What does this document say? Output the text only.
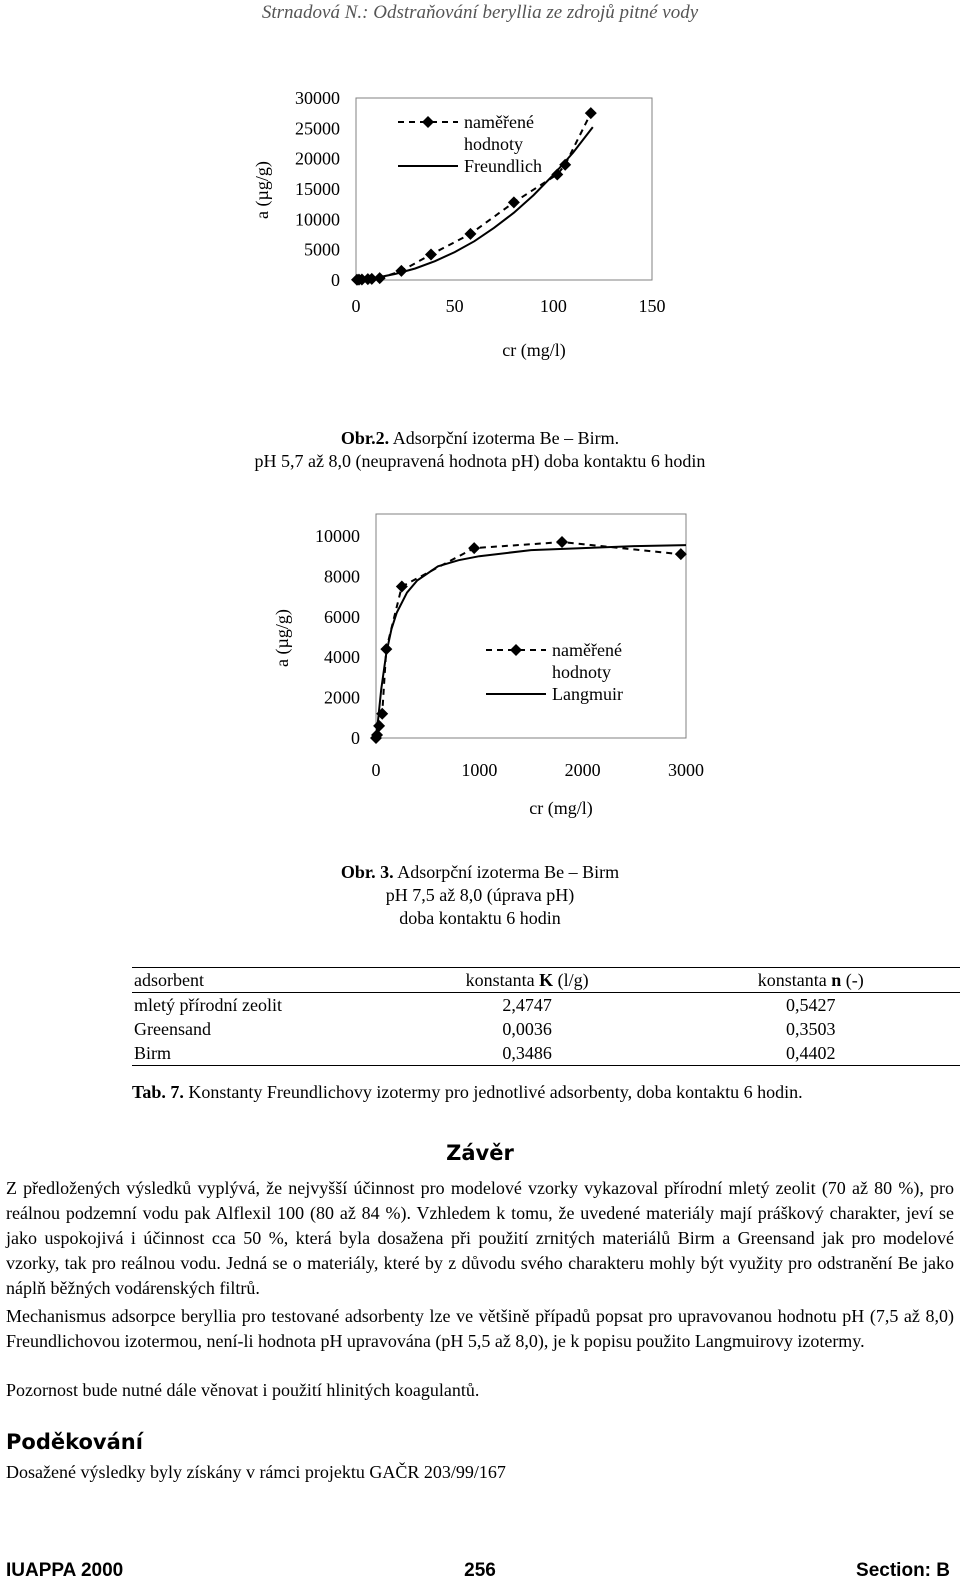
Strnadová N.: Odstraňování beryllia ze zdrojů pitné vody
0
5000
10000
15000
20000
25000
30000
0	50	100	150
a (µg/g)
cr (mg/l)
naměřené
hodnoty
Freundlich
Obr.2. Adsorpční izoterma Be – Birm.
pH 5,7 až 8,0 (neupravená hodnota pH) doba kontaktu 6 hodin
0
2000
4000
6000
8000
10000
0	1000	2000	3000
a (µg/g)
cr (mg/l)
naměřené
hodnoty
Langmuir
Obr. 3. Adsorpční izoterma Be – Birm
pH 7,5 až 8,0 (úprava pH)
doba kontaktu 6 hodin
adsorbent	konstanta K (l/g)	konstanta n (-)
mletý přírodní zeolit	2,4747	0,5427
Greensand	0,0036	0,3503
Birm	0,3486	0,4402
Tab. 7. Konstanty Freundlichovy izotermy pro jednotlivé adsorbenty, doba kontaktu 6 hodin.
Závěr
Z předložených výsledků vyplývá, že nejvyšší účinnost pro modelové vzorky vykazoval přírodní mletý zeolit (70 až 80 %), pro reálnou podzemní vodu pak Alflexil 100 (80 až 84 %). Vzhledem k tomu, že uvedené materiály mají práškový charakter, jeví se jako uspokojivá i účinnost cca 50 %, která byla dosažena při použití zrnitých materiálů Birm a Greensand jak pro modelové vzorky, tak pro reálnou vodu. Jedná se o materiály, které by z důvodu svého charakteru mohly být využity pro odstranění Be jako náplň běžných vodárenských filtrů.
Mechanismus adsorpce beryllia pro testované adsorbenty lze ve většině případů popsat pro upravovanou hodnotu pH (7,5 až 8,0) Freundlichovou izotermou, není-li hodnota pH upravována (pH 5,5 až 8,0), je k popisu použito Langmuirovy izotermy.
Pozornost bude nutné dále věnovat i použití hlinitých koagulantů.
Poděkování
Dosažené výsledky byly získány v rámci projektu GAČR 203/99/167
IUAPPA 2000	256	Section: B
